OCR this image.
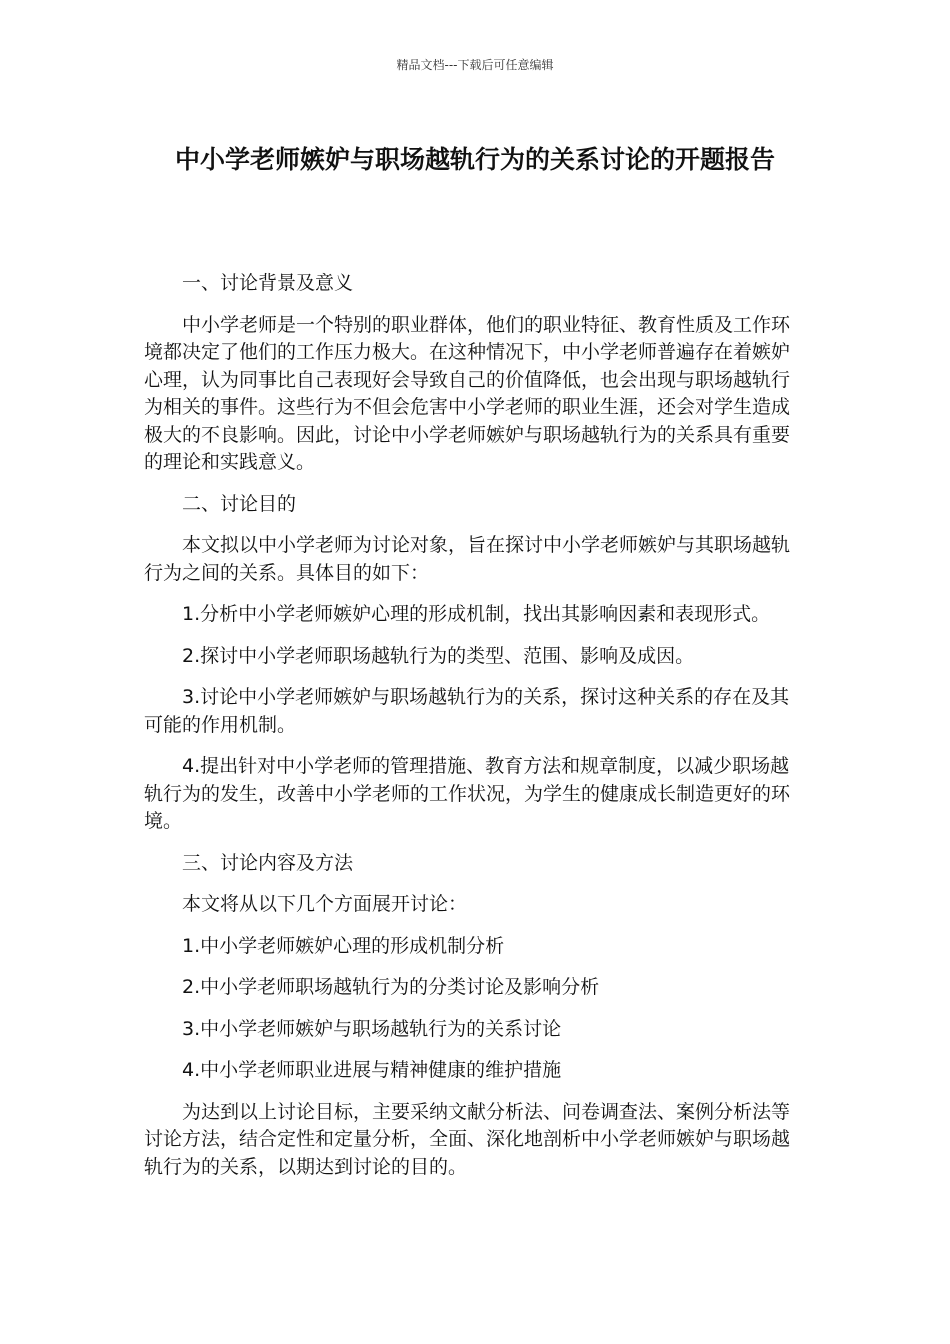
精品文档---下载后可任意编辑
中小学老师嫉妒与职场越轨行为的关系讨论的开题报告

一、讨论背景及意义

中小学老师是一个特别的职业群体，他们的职业特征、教育性质及工作环境都决定了他们的工作压力极大。在这种情况下，中小学老师普遍存在着嫉妒心理，认为同事比自己表现好会导致自己的价值降低，也会出现与职场越轨行为相关的事件。这些行为不但会危害中小学老师的职业生涯，还会对学生造成极大的不良影响。因此，讨论中小学老师嫉妒与职场越轨行为的关系具有重要的理论和实践意义。

二、讨论目的

本文拟以中小学老师为讨论对象，旨在探讨中小学老师嫉妒与其职场越轨行为之间的关系。具体目的如下：

1.分析中小学老师嫉妒心理的形成机制，找出其影响因素和表现形式。

2.探讨中小学老师职场越轨行为的类型、范围、影响及成因。

3.讨论中小学老师嫉妒与职场越轨行为的关系，探讨这种关系的存在及其可能的作用机制。

4.提出针对中小学老师的管理措施、教育方法和规章制度，以减少职场越轨行为的发生，改善中小学老师的工作状况，为学生的健康成长制造更好的环境。

三、讨论内容及方法

本文将从以下几个方面展开讨论：

1.中小学老师嫉妒心理的形成机制分析

2.中小学老师职场越轨行为的分类讨论及影响分析

3.中小学老师嫉妒与职场越轨行为的关系讨论

4.中小学老师职业进展与精神健康的维护措施

为达到以上讨论目标，主要采纳文献分析法、问卷调查法、案例分析法等讨论方法，结合定性和定量分析，全面、深化地剖析中小学老师嫉妒与职场越轨行为的关系，以期达到讨论的目的。
